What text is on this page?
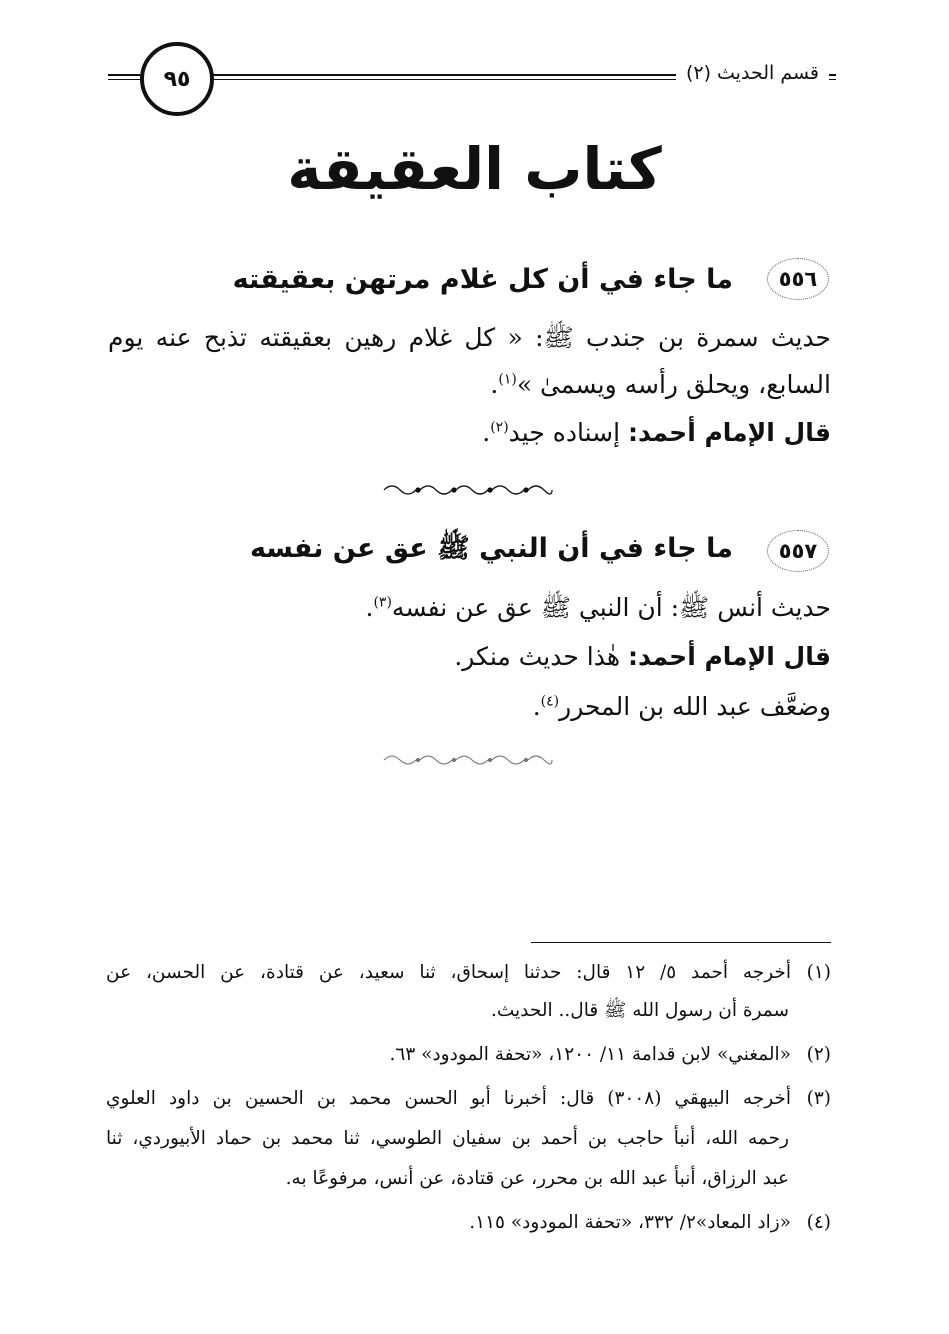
قسم الحديث (٢)
٩٥
كتاب العقيقة
٥٥٦
ما جاء في أن كل غلام مرتهن بعقيقته
حديث سمرة بن جندب ﷺ: « كل غلام رهين بعقيقته تذبح عنه يوم
السابع، ويحلق رأسه ويسمىٰ »$^{(١)}$.
قال الإمام أحمد: إسناده جيد$^{(٢)}$.
٥٥٧
ما جاء في أن النبي ﷺ عق عن نفسه
حديث أنس ﷺ: أن النبي ﷺ عق عن نفسه$^{(٣)}$.
قال الإمام أحمد: هٰذا حديث منكر.
وضعَّف عبد الله بن المحرر$^{(٤)}$.
(١)أخرجه أحمد ٥/ ١٢ قال: حدثنا إسحاق، ثنا سعيد، عن قتادة، عن الحسن، عن
سمرة أن رسول الله ﷺ قال.. الحديث.
(٢)«المغني» لابن قدامة ١١/ ١٢٠٠، «تحفة المودود» ٦٣.
(٣)أخرجه البيهقي (٣٠٠٨) قال: أخبرنا أبو الحسن محمد بن الحسين بن داود العلوي
رحمه الله، أنبأ حاجب بن أحمد بن سفيان الطوسي، ثنا محمد بن حماد الأبيوردي، ثنا
عبد الرزاق، أنبأ عبد الله بن محرر، عن قتادة، عن أنس، مرفوعًا به.
(٤)«زاد المعاد»٢/ ٣٣٢، «تحفة المودود» ١١٥.
